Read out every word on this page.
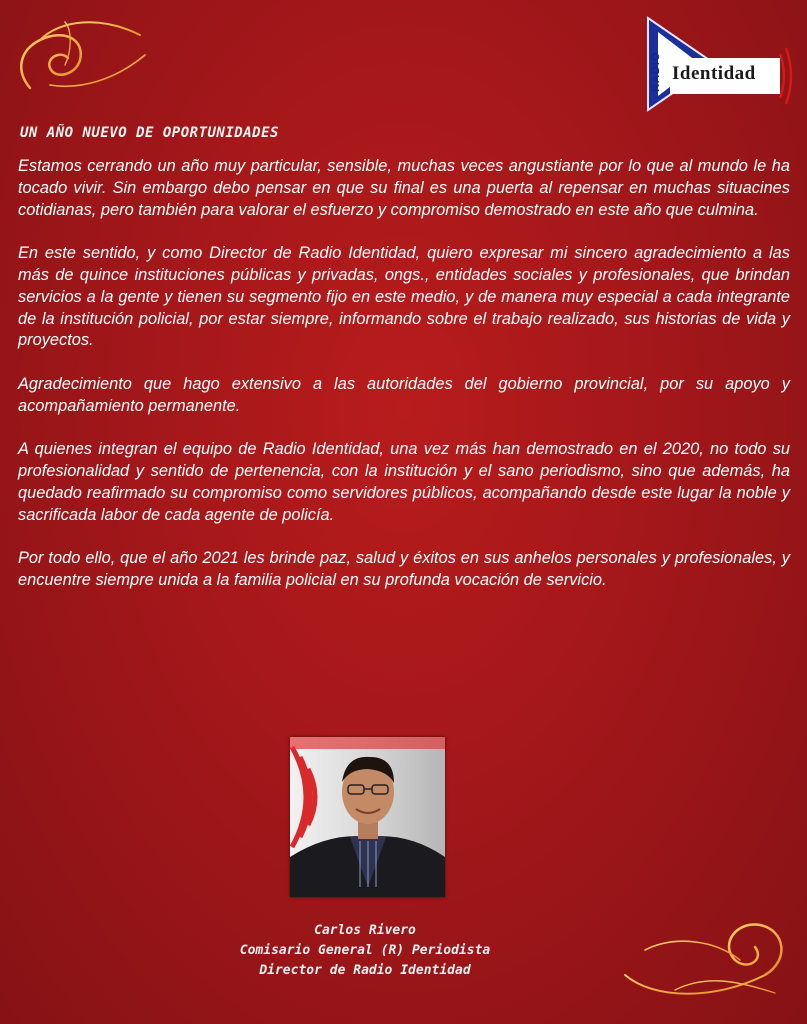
RADIO Identidad
UN AÑO NUEVO DE OPORTUNIDADES

Estamos cerrando un año muy particular, sensible, muchas veces angustiante por lo que al mundo le ha tocado vivir. Sin embargo debo pensar en que su final es una puerta al repensar en muchas situacines cotidianas, pero también para valorar el esfuerzo y compromiso demostrado en este año que culmina.

En este sentido, y como Director de Radio Identidad, quiero expresar mi sincero agradecimiento a las más de quince instituciones públicas y privadas, ongs., entidades sociales y profesionales, que brindan servicios a la gente y tienen su segmento fijo en este medio, y de manera muy especial a cada integrante de la institución policial, por estar siempre, informando sobre el trabajo realizado, sus historias de vida y proyectos.

Agradecimiento que hago extensivo a las autoridades del gobierno provincial, por su apoyo y acompañamiento permanente.

A quienes integran el equipo de Radio Identidad, una vez más han demostrado en el 2020, no todo su profesionalidad y sentido de pertenencia, con la institución y el sano periodismo, sino que además, ha quedado reafirmado su compromiso como servidores públicos, acompañando desde este lugar la noble y sacrificada labor de cada agente de policía.

Por todo ello, que el año 2021 les brinde paz, salud y éxitos en sus anhelos personales y profesionales, y encuentre siempre unida a la familia policial en su profunda vocación de servicio.

Carlos Rivero
Comisario General (R) Periodista
Director de Radio Identidad
